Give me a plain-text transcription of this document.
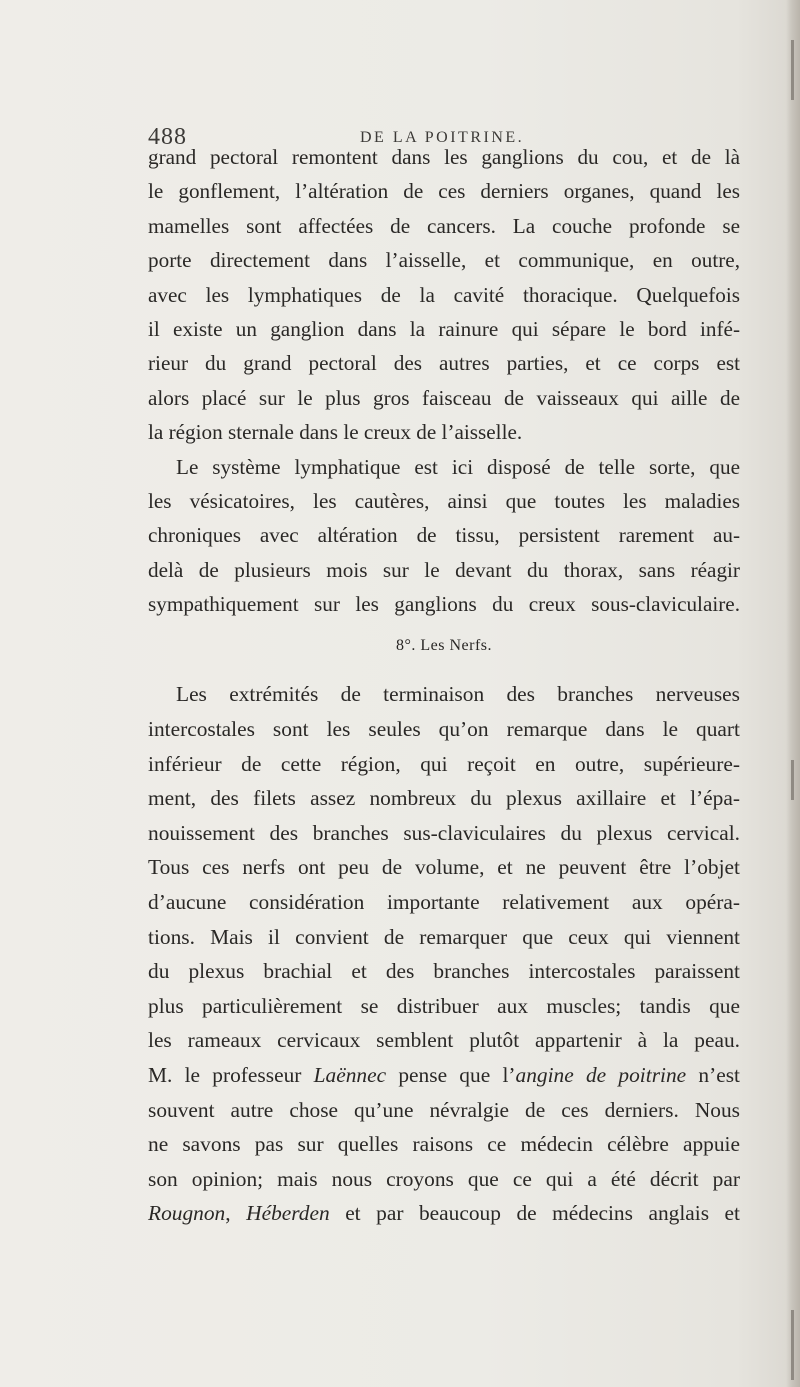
488	DE LA POITRINE.
grand pectoral remontent dans les ganglions du cou, et de là
le gonflement, l’altération de ces derniers organes, quand les
mamelles sont affectées de cancers. La couche profonde se
porte directement dans l’aisselle, et communique, en outre,
avec les lymphatiques de la cavité thoracique. Quelquefois
il existe un ganglion dans la rainure qui sépare le bord infé-
rieur du grand pectoral des autres parties, et ce corps est
alors placé sur le plus gros faisceau de vaisseaux qui aille de
la région sternale dans le creux de l’aisselle.
Le système lymphatique est ici disposé de telle sorte, que
les vésicatoires, les cautères, ainsi que toutes les maladies
chroniques avec altération de tissu, persistent rarement au-
delà de plusieurs mois sur le devant du thorax, sans réagir
sympathiquement sur les ganglions du creux sous-claviculaire.
8°. Les Nerfs.
Les extrémités de terminaison des branches nerveuses
intercostales sont les seules qu’on remarque dans le quart
inférieur de cette région, qui reçoit en outre, supérieure-
ment, des filets assez nombreux du plexus axillaire et l’épa-
nouissement des branches sus-claviculaires du plexus cervical.
Tous ces nerfs ont peu de volume, et ne peuvent être l’objet
d’aucune considération importante relativement aux opéra-
tions. Mais il convient de remarquer que ceux qui viennent
du plexus brachial et des branches intercostales paraissent
plus particulièrement se distribuer aux muscles; tandis que
les rameaux cervicaux semblent plutôt appartenir à la peau.
M. le professeur Laënnec pense que l’angine de poitrine n’est
souvent autre chose qu’une névralgie de ces derniers. Nous
ne savons pas sur quelles raisons ce médecin célèbre appuie
son opinion; mais nous croyons que ce qui a été décrit par
Rougnon, Héberden et par beaucoup de médecins anglais et
